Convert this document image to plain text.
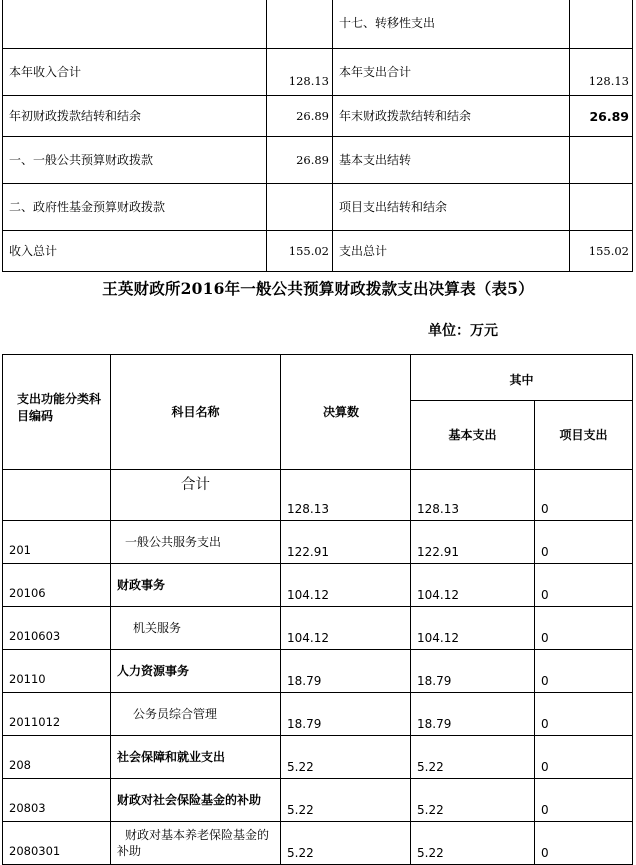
		十七、转移性支出	
本年收入合计	128.13	本年支出合计	128.13
年初财政拨款结转和结余	26.89	年末财政拨款结转和结余	26.89
一、一般公共预算财政拨款	26.89	基本支出结转	
二、政府性基金预算财政拨款		项目支出结转和结余	
收入总计	155.02	支出总计	155.02
王英财政所2016年一般公共预算财政拨款支出决算表（表5）
单位：万元
支出功能分类科目编码	科目名称	决算数	其中	
			基本支出	项目支出
	合计	128.13	128.13	0
201	一般公共服务支出	122.91	122.91	0
20106	财政事务	104.12	104.12	0
2010603	机关服务	104.12	104.12	0
20110	人力资源事务	18.79	18.79	0
2011012	公务员综合管理	18.79	18.79	0
208	社会保障和就业支出	5.22	5.22	0
20803	财政对社会保险基金的补助	5.22	5.22	0
2080301	财政对基本养老保险基金的补助	5.22	5.22	0
